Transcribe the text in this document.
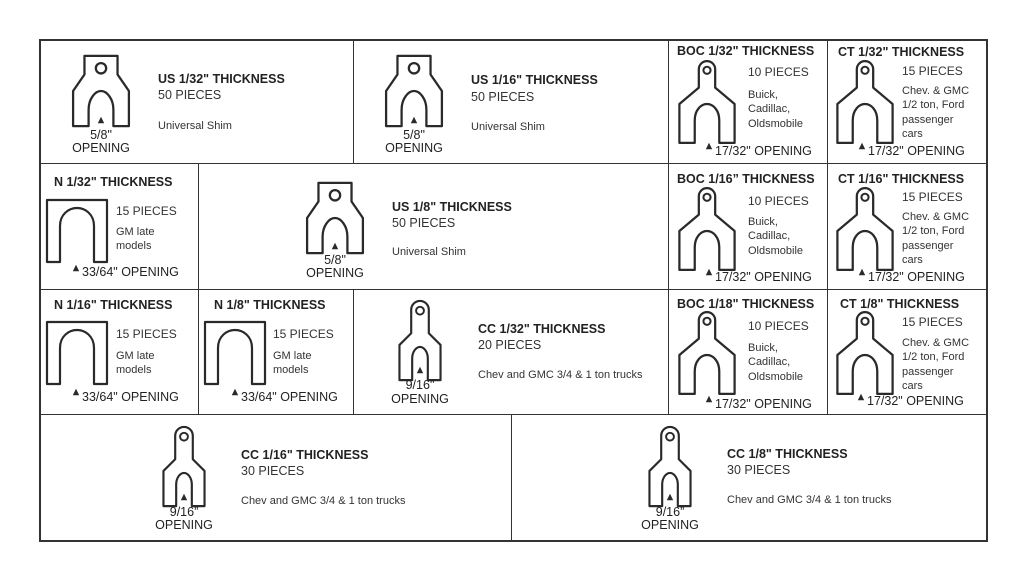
5/8"
OPENING
US 1/32" THICKNESS
50 PIECES
Universal Shim
5/8"
OPENING
US 1/16" THICKNESS
50 PIECES
Universal Shim
BOC 1/32" THICKNESS
10 PIECES
Buick,
Cadillac,
Oldsmobile
17/32" OPENING
CT 1/32" THICKNESS
15 PIECES
Chev. & GMC
1/2 ton, Ford
passenger
cars
17/32" OPENING
N 1/32" THICKNESS
15 PIECES
GM late
models
33/64" OPENING
5/8"
OPENING
US 1/8" THICKNESS
50 PIECES
Universal Shim
BOC 1/16” THICKNESS
10 PIECES
Buick,
Cadillac,
Oldsmobile
17/32" OPENING
CT 1/16" THICKNESS
15 PIECES
Chev. & GMC
1/2 ton, Ford
passenger
cars
17/32" OPENING
N 1/16" THICKNESS
15 PIECES
GM late
models
33/64" OPENING
N 1/8" THICKNESS
15 PIECES
GM late
models
33/64" OPENING
9/16"
OPENING
CC 1/32" THICKNESS
20 PIECES
Chev and GMC 3/4 & 1 ton trucks
BOC 1/18" THICKNESS
10 PIECES
Buick,
Cadillac,
Oldsmobile
17/32" OPENING
CT 1/8" THICKNESS
15 PIECES
Chev. & GMC
1/2 ton, Ford
passenger
cars
17/32" OPENING
9/16”
OPENING
CC 1/16" THICKNESS
30 PIECES
Chev and GMC 3/4 & 1 ton trucks
9/16”
OPENING
CC 1/8" THICKNESS
30 PIECES
Chev and GMC 3/4 & 1 ton trucks
